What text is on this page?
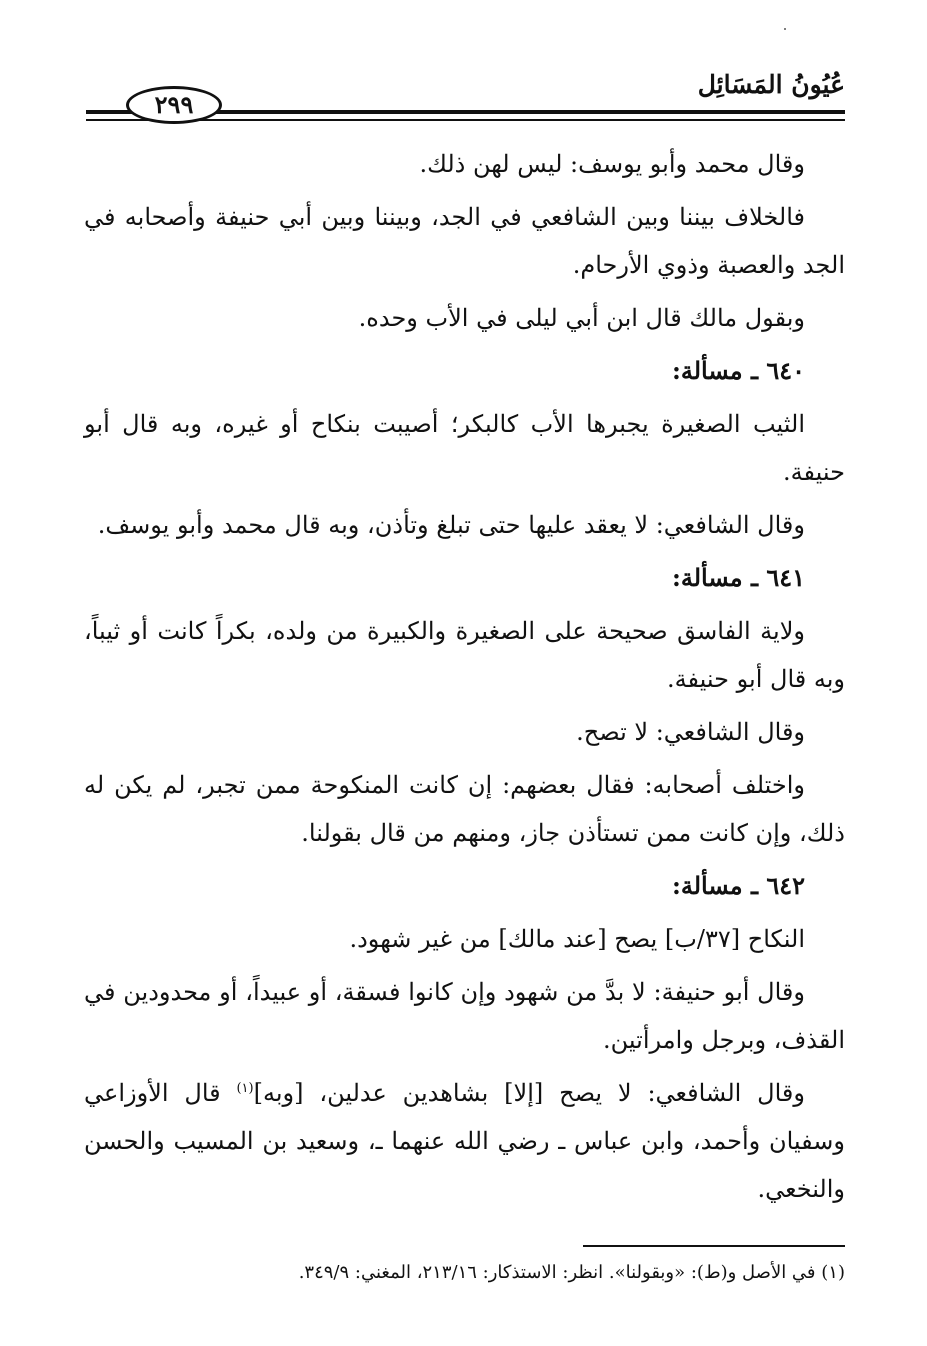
عُيُونُ المَسَائِل
٢٩٩

وقال محمد وأبو يوسف: ليس لهن ذلك.

فالخلاف بيننا وبين الشافعي في الجد، وبيننا وبين أبي حنيفة وأصحابه في الجد والعصبة وذوي الأرحام.

وبقول مالك قال ابن أبي ليلى في الأب وحده.

٦٤٠ ـ مسألة:

الثيب الصغيرة يجبرها الأب كالبكر؛ أصيبت بنكاح أو غيره، وبه قال أبو حنيفة.

وقال الشافعي: لا يعقد عليها حتى تبلغ وتأذن، وبه قال محمد وأبو يوسف.

٦٤١ ـ مسألة:

ولاية الفاسق صحيحة على الصغيرة والكبيرة من ولده، بكراً كانت أو ثيباً، وبه قال أبو حنيفة.

وقال الشافعي: لا تصح.

واختلف أصحابه: فقال بعضهم: إن كانت المنكوحة ممن تجبر، لم يكن له ذلك، وإن كانت ممن تستأذن جاز، ومنهم من قال بقولنا.

٦٤٢ ـ مسألة:

النكاح [٣٧/ب] يصح [عند مالك] من غير شهود.

وقال أبو حنيفة: لا بدَّ من شهود وإن كانوا فسقة، أو عبيداً، أو محدودين في القذف، وبرجل وامرأتين.

وقال الشافعي: لا يصح [إلا] بشاهدين عدلين، [وبه]$^{(١)}$ قال الأوزاعي وسفيان وأحمد، وابن عباس ـ رضي الله عنهما ـ، وسعيد بن المسيب والحسن والنخعي.

(١) في الأصل و(ط): «وبقولنا». انظر: الاستذكار: ٢١٣/١٦، المغني: ٣٤٩/٩.
